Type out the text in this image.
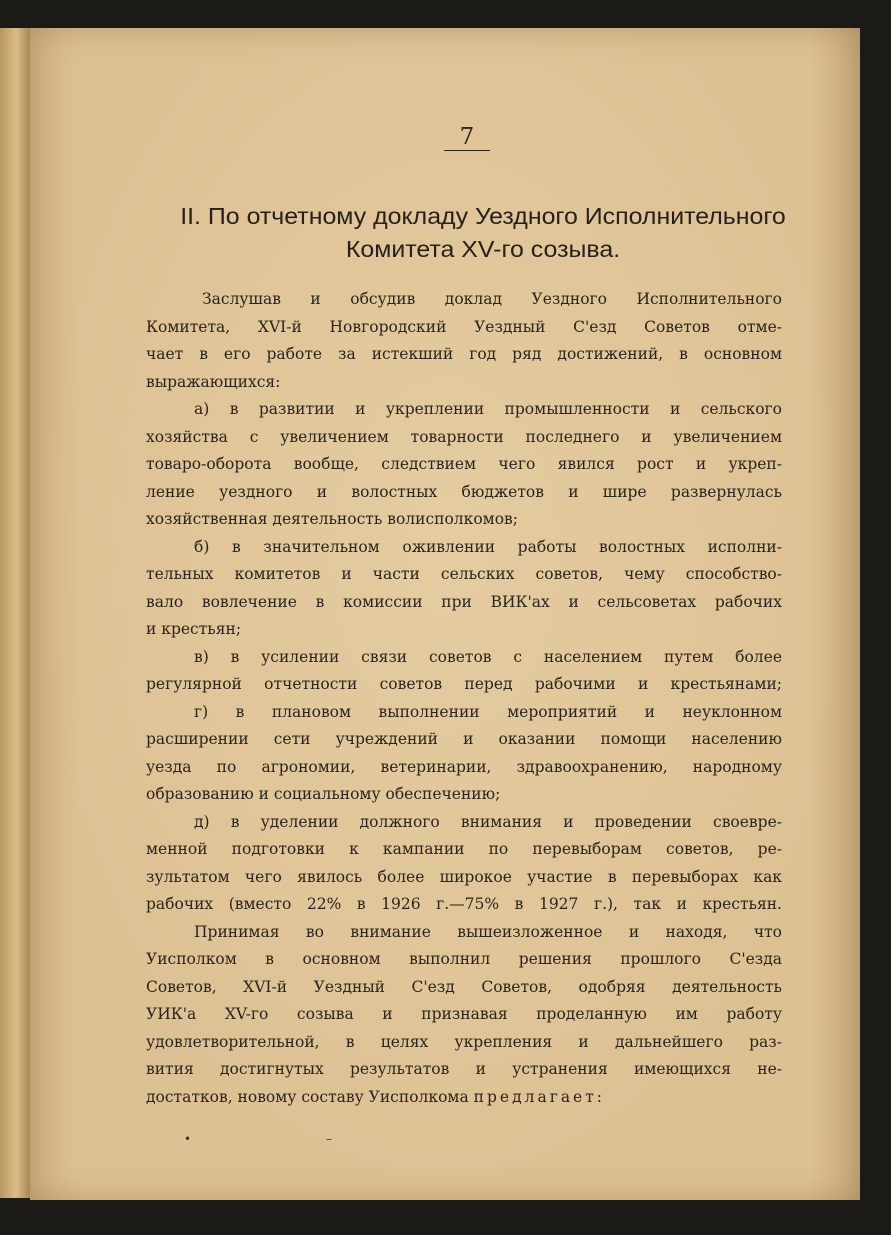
7
II. По отчетному докладу Уездного Исполнительного
Комитета XV-го созыва.
Заслушав и обсудив доклад Уездного Исполнительного
Комитета, XVI-й Новгородский Уездный С'езд Советов отме-
чает в его работе за истекший год ряд достижений, в основном
выражающихся:
а) в развитии и укреплении промышленности и сельского
хозяйства с увеличением товарности последнего и увеличением
товаро-оборота вообще, следствием чего явился рост и укреп-
ление уездного и волостных бюджетов и шире развернулась
хозяйственная деятельность волисполкомов;
б) в значительном оживлении работы волостных исполни-
тельных комитетов и части сельских советов, чему способство-
вало вовлечение в комиссии при ВИК'ах и сельсоветах рабочих
и крестьян;
в) в усилении связи советов с населением путем более
регулярной отчетности советов перед рабочими и крестьянами;
г) в плановом выполнении мероприятий и неуклонном
расширении сети учреждений и оказании помощи населению
уезда по агрономии, ветеринарии, здравоохранению, народному
образованию и социальному обеспечению;
д) в уделении должного внимания и проведении своевре-
менной подготовки к кампании по перевыборам советов, ре-
зультатом чего явилось более широкое участие в перевыборах как
рабочих (вместо 22% в 1926 г.—75% в 1927 г.), так и крестьян.
Принимая во внимание вышеизложенное и находя, что
Уисполком в основном выполнил решения прошлого С'езда
Советов, XVI-й Уездный С'езд Советов, одобряя деятельность
УИК'а XV-го созыва и признавая проделанную им работу
удовлетворительной, в целях укрепления и дальнейшего раз-
вития достигнутых результатов и устранения имеющихся не-
достатков, новому составу Уисполкома предлагает:
•	–
